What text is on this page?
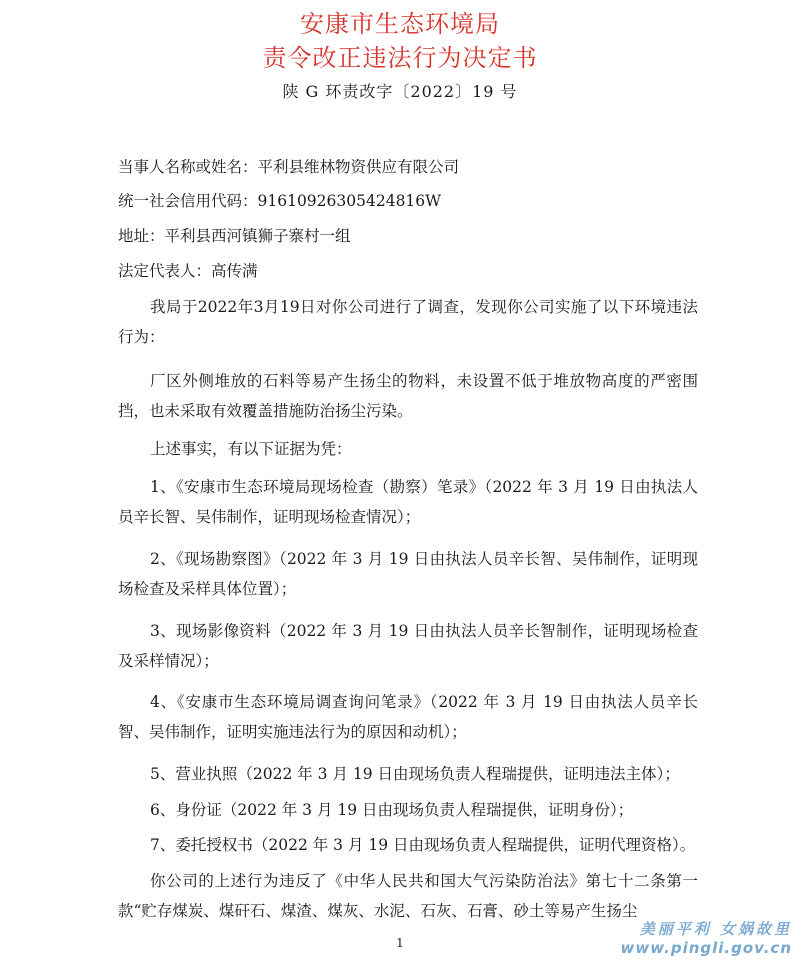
安康市生态环境局
责令改正违法行为决定书
陕 G 环责改字〔2022〕19 号
当事人名称或姓名：平利县维林物资供应有限公司
统一社会信用代码：91610926305424816W
地址：平利县西河镇狮子寨村一组
法定代表人：高传满
我局于2022年3月19日对你公司进行了调查，发现你公司实施了以下环境违法行为：
厂区外侧堆放的石料等易产生扬尘的物料，未设置不低于堆放物高度的严密围挡，也未采取有效覆盖措施防治扬尘污染。
上述事实，有以下证据为凭：
1、《安康市生态环境局现场检查（勘察）笔录》（2022 年 3 月 19 日由执法人员辛长智、吴伟制作，证明现场检查情况）；
2、《现场勘察图》（2022 年 3 月 19 日由执法人员辛长智、吴伟制作，证明现场检查及采样具体位置）；
3、现场影像资料（2022 年 3 月 19 日由执法人员辛长智制作，证明现场检查及采样情况）；
4、《安康市生态环境局调查询问笔录》（2022 年 3 月 19 日由执法人员辛长智、吴伟制作，证明实施违法行为的原因和动机）；
5、营业执照（2022 年 3 月 19 日由现场负责人程瑞提供，证明违法主体）；
6、身份证（2022 年 3 月 19 日由现场负责人程瑞提供，证明身份）；
7、委托授权书（2022 年 3 月 19 日由现场负责人程瑞提供，证明代理资格）。
你公司的上述行为违反了《中华人民共和国大气污染防治法》第七十二条第一款“贮存煤炭、煤矸石、煤渣、煤灰、水泥、石灰、石膏、砂土等易产生扬尘
1
美丽平利 女娲故里
www.pingli.gov.cn
